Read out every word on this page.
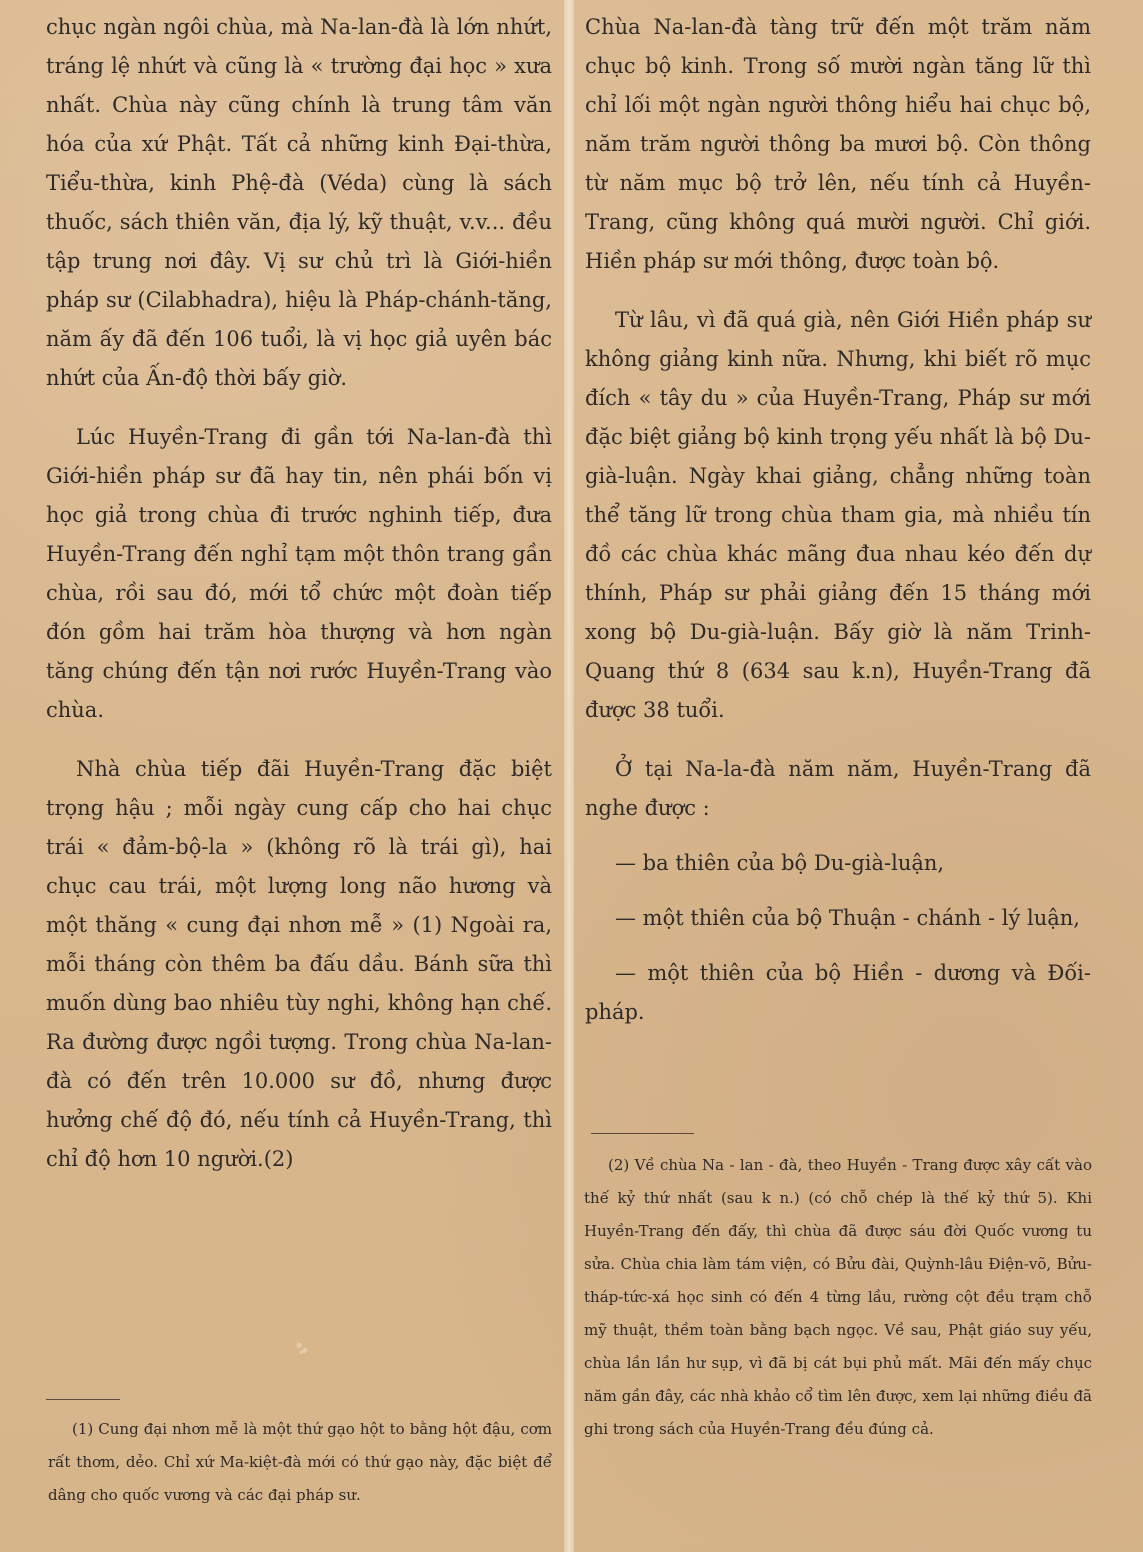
chục ngàn ngôi chùa, mà Na-lan-đà là lớn nhứt, tráng lệ nhứt và cũng là « trường đại học » xưa nhất. Chùa này cũng chính là trung tâm văn hóa của xứ Phật. Tất cả những kinh Đại-thừa, Tiểu-thừa, kinh Phệ-đà (Véda) cùng là sách thuốc, sách thiên văn, địa lý, kỹ thuật, v.v... đều tập trung nơi đây. Vị sư chủ trì là Giới-hiền pháp sư (Cilabhadra), hiệu là Pháp-chánh-tăng, năm ấy đã đến 106 tuổi, là vị học giả uyên bác nhứt của Ấn-độ thời bấy giờ.

Lúc Huyền-Trang đi gần tới Na-lan-đà thì Giới-hiền pháp sư đã hay tin, nên phái bốn vị học giả trong chùa đi trước nghinh tiếp, đưa Huyền-Trang đến nghỉ tạm một thôn trang gần chùa, rồi sau đó, mới tổ chức một đoàn tiếp đón gồm hai trăm hòa thượng và hơn ngàn tăng chúng đến tận nơi rước Huyền-Trang vào chùa.

Nhà chùa tiếp đãi Huyền-Trang đặc biệt trọng hậu ; mỗi ngày cung cấp cho hai chục trái « đảm-bộ-la » (không rõ là trái gì), hai chục cau trái, một lượng long não hương và một thăng « cung đại nhơn mễ » (1) Ngoài ra, mỗi tháng còn thêm ba đấu dầu. Bánh sữa thì muốn dùng bao nhiêu tùy nghi, không hạn chế. Ra đường được ngồi tượng. Trong chùa Na-lan-đà có đến trên 10.000 sư đồ, nhưng được hưởng chế độ đó, nếu tính cả Huyền-Trang, thì chỉ độ hơn 10 người.(2)

(1) Cung đại nhơn mễ là một thứ gạo hột to bằng hột đậu, cơm rất thơm, dẻo. Chỉ xứ Ma-kiệt-đà mới có thứ gạo này, đặc biệt để dâng cho quốc vương và các đại pháp sư.

Chùa Na-lan-đà tàng trữ đến một trăm năm chục bộ kinh. Trong số mười ngàn tăng lữ thì chỉ lối một ngàn người thông hiểu hai chục bộ, năm trăm người thông ba mươi bộ. Còn thông từ năm mục bộ trở lên, nếu tính cả Huyền-Trang, cũng không quá mười người. Chỉ giới. Hiền pháp sư mới thông, được toàn bộ.

Từ lâu, vì đã quá già, nên Giới Hiền pháp sư không giảng kinh nữa. Nhưng, khi biết rõ mục đích « tây du » của Huyền-Trang, Pháp sư mới đặc biệt giảng bộ kinh trọng yếu nhất là bộ Du-già-luận. Ngày khai giảng, chẳng những toàn thể tăng lữ trong chùa tham gia, mà nhiều tín đồ các chùa khác mãng đua nhau kéo đến dự thính, Pháp sư phải giảng đến 15 tháng mới xong bộ Du-già-luận. Bấy giờ là năm Trinh-Quang thứ 8 (634 sau k.n), Huyền-Trang đã được 38 tuổi.

Ở tại Na-la-đà năm năm, Huyền-Trang đã nghe được :

— ba thiên của bộ Du-già-luận,

— một thiên của bộ Thuận - chánh - lý luận,

— một thiên của bộ Hiền - dương và Đối-pháp.

(2) Về chùa Na - lan - đà, theo Huyền - Trang được xây cất vào thế kỷ thứ nhất (sau k n.) (có chỗ chép là thế kỷ thứ 5). Khi Huyền-Trang đến đấy, thì chùa đã được sáu đời Quốc vương tu sửa. Chùa chia làm tám viện, có Bửu đài, Quỳnh-lâu Điện-võ, Bửu-tháp-tức-xá học sinh có đến 4 từng lầu, rường cột đều trạm chỗ mỹ thuật, thềm toàn bằng bạch ngọc. Về sau, Phật giáo suy yếu, chùa lần lần hư sụp, vì đã bị cát bụi phủ mất. Mãi đến mấy chục năm gần đây, các nhà khảo cổ tìm lên được, xem lại những điều đã ghi trong sách của Huyền-Trang đều đúng cả.
